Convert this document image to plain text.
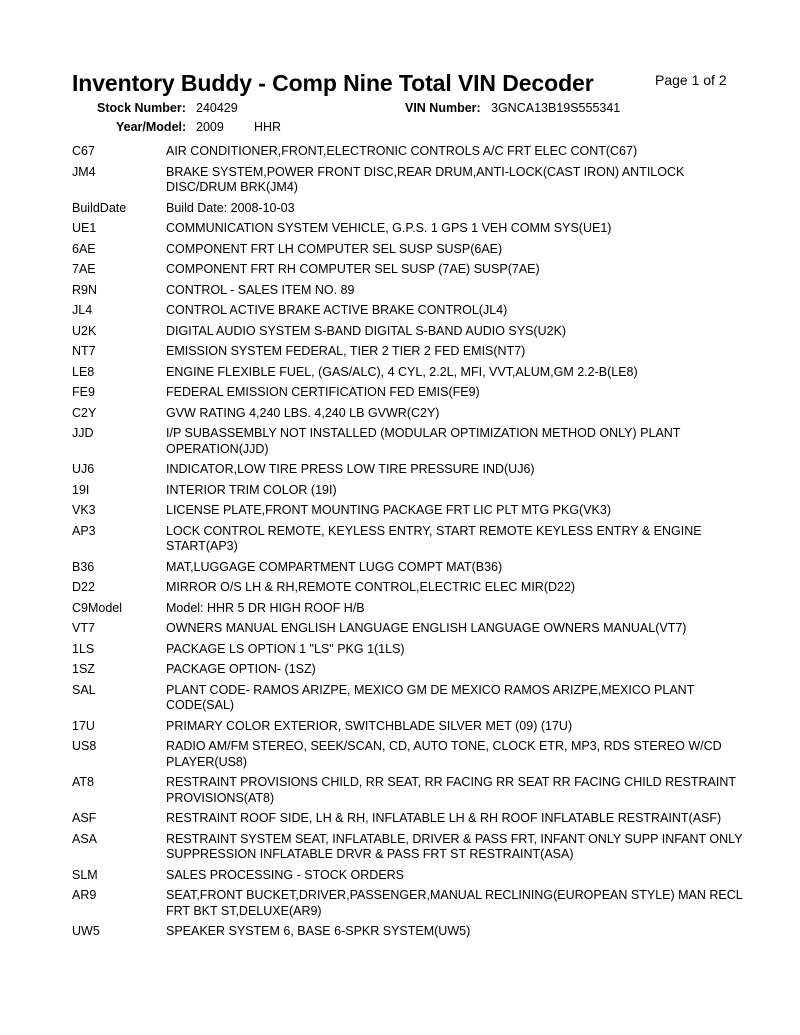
Inventory Buddy - Comp Nine Total VIN Decoder	Page 1 of 2
Stock Number: 240429	VIN Number: 3GNCA13B19S555341
Year/Model: 2009 HHR
C67	AIR CONDITIONER,FRONT,ELECTRONIC CONTROLS A/C FRT ELEC CONT(C67)
JM4	BRAKE SYSTEM,POWER FRONT DISC,REAR DRUM,ANTI-LOCK(CAST IRON) ANTILOCK DISC/DRUM BRK(JM4)
BuildDate	Build Date: 2008-10-03
UE1	COMMUNICATION SYSTEM VEHICLE, G.P.S. 1 GPS 1 VEH COMM SYS(UE1)
6AE	COMPONENT FRT LH COMPUTER SEL SUSP SUSP(6AE)
7AE	COMPONENT FRT RH COMPUTER SEL SUSP (7AE) SUSP(7AE)
R9N	CONTROL - SALES ITEM NO. 89
JL4	CONTROL ACTIVE BRAKE ACTIVE BRAKE CONTROL(JL4)
U2K	DIGITAL AUDIO SYSTEM S-BAND DIGITAL S-BAND AUDIO SYS(U2K)
NT7	EMISSION SYSTEM FEDERAL, TIER 2 TIER 2 FED EMIS(NT7)
LE8	ENGINE FLEXIBLE FUEL, (GAS/ALC), 4 CYL, 2.2L, MFI, VVT,ALUM,GM 2.2-B(LE8)
FE9	FEDERAL EMISSION CERTIFICATION FED EMIS(FE9)
C2Y	GVW RATING 4,240 LBS. 4,240 LB GVWR(C2Y)
JJD	I/P SUBASSEMBLY NOT INSTALLED (MODULAR OPTIMIZATION METHOD ONLY) PLANT OPERATION(JJD)
UJ6	INDICATOR,LOW TIRE PRESS LOW TIRE PRESSURE IND(UJ6)
19I	INTERIOR TRIM COLOR (19I)
VK3	LICENSE PLATE,FRONT MOUNTING PACKAGE FRT LIC PLT MTG PKG(VK3)
AP3	LOCK CONTROL REMOTE, KEYLESS ENTRY, START REMOTE KEYLESS ENTRY & ENGINE START(AP3)
B36	MAT,LUGGAGE COMPARTMENT LUGG COMPT MAT(B36)
D22	MIRROR O/S LH & RH,REMOTE CONTROL,ELECTRIC ELEC MIR(D22)
C9Model	Model: HHR 5 DR HIGH ROOF H/B
VT7	OWNERS MANUAL ENGLISH LANGUAGE ENGLISH LANGUAGE OWNERS MANUAL(VT7)
1LS	PACKAGE LS OPTION 1 "LS" PKG 1(1LS)
1SZ	PACKAGE OPTION- (1SZ)
SAL	PLANT CODE- RAMOS ARIZPE, MEXICO GM DE MEXICO RAMOS ARIZPE,MEXICO PLANT CODE(SAL)
17U	PRIMARY COLOR EXTERIOR, SWITCHBLADE SILVER MET (09) (17U)
US8	RADIO AM/FM STEREO, SEEK/SCAN, CD, AUTO TONE, CLOCK ETR, MP3, RDS STEREO W/CD PLAYER(US8)
AT8	RESTRAINT PROVISIONS CHILD, RR SEAT, RR FACING RR SEAT RR FACING CHILD RESTRAINT PROVISIONS(AT8)
ASF	RESTRAINT ROOF SIDE, LH & RH, INFLATABLE LH & RH ROOF INFLATABLE RESTRAINT(ASF)
ASA	RESTRAINT SYSTEM SEAT, INFLATABLE, DRIVER & PASS FRT, INFANT ONLY SUPP INFANT ONLY SUPPRESSION INFLATABLE DRVR & PASS FRT ST RESTRAINT(ASA)
SLM	SALES PROCESSING - STOCK ORDERS
AR9	SEAT,FRONT BUCKET,DRIVER,PASSENGER,MANUAL RECLINING(EUROPEAN STYLE) MAN RECL FRT BKT ST,DELUXE(AR9)
UW5	SPEAKER SYSTEM 6, BASE 6-SPKR SYSTEM(UW5)
